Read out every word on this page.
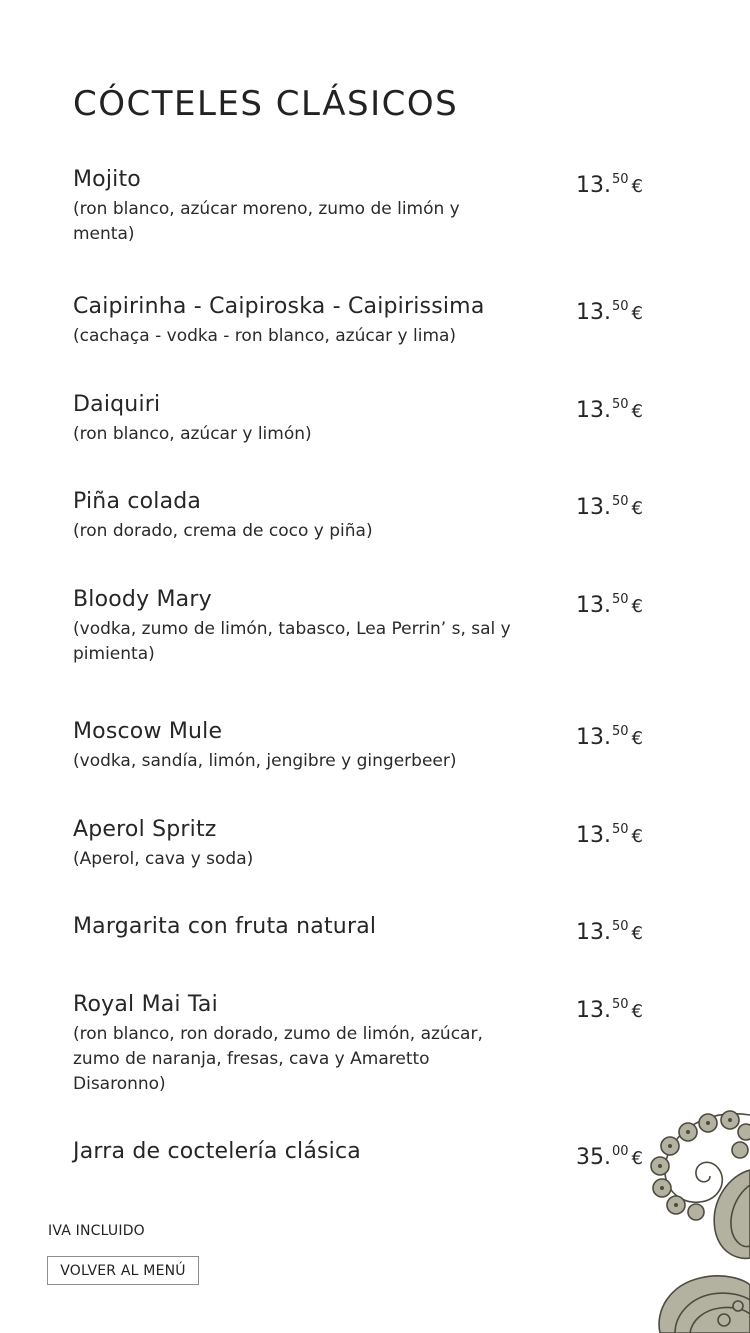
CÓCTELES CLÁSICOS
Mojito
(ron blanco, azúcar moreno, zumo de limón y menta)
13.50 €
Caipirinha - Caipiroska - Caipirissima
(cachaça - vodka - ron blanco, azúcar y lima)
13.50 €
Daiquiri
(ron blanco, azúcar y limón)
13.50 €
Piña colada
(ron dorado, crema de coco y piña)
13.50 €
Bloody Mary
(vodka, zumo de limón, tabasco, Lea Perrin’ s, sal y pimienta)
13.50 €
Moscow Mule
(vodka, sandía, limón, jengibre y gingerbeer)
13.50 €
Aperol Spritz
(Aperol, cava y soda)
13.50 €
Margarita con fruta natural	13.50 €
Royal Mai Tai
(ron blanco, ron dorado, zumo de limón, azúcar, zumo de naranja, fresas, cava y Amaretto Disaronno)
13.50 €
Jarra de coctelería clásica	35.00 €
IVA INCLUIDO
VOLVER AL MENÚ
